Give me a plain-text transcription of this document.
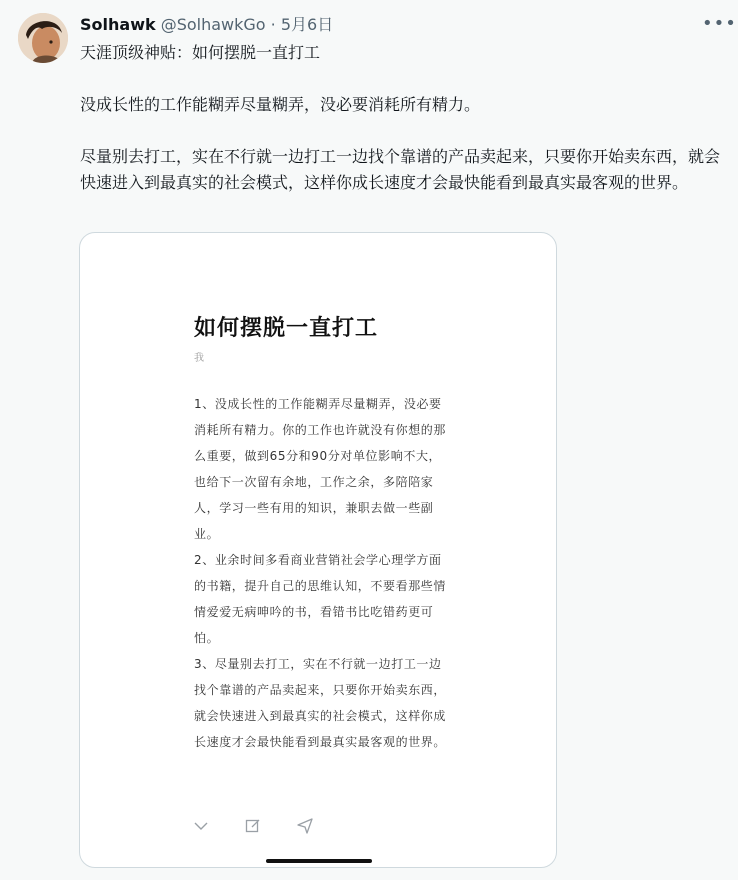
Solhawk @SolhawkGo · 5月6日	•••
天涯顶级神贴：如何摆脱一直打工

没成长性的工作能糊弄尽量糊弄，没必要消耗所有精力。

尽量别去打工，实在不行就一边打工一边找个靠谱的产品卖起来，只要你开始卖东西，就会快速进入到最真实的社会模式，这样你成长速度才会最快能看到最真实最客观的世界。
如何摆脱一直打工
我

1、没成长性的工作能糊弄尽量糊弄，没必要消耗所有精力。你的工作也许就没有你想的那么重要，做到65分和90分对单位影响不大，也给下一次留有余地，工作之余，多陪陪家人，学习一些有用的知识，兼职去做一些副业。

2、业余时间多看商业营销社会学心理学方面的书籍，提升自己的思维认知，不要看那些情情爱爱无病呻吟的书，看错书比吃错药更可怕。

3、尽量别去打工，实在不行就一边打工一边找个靠谱的产品卖起来，只要你开始卖东西，就会快速进入到最真实的社会模式，这样你成长速度才会最快能看到最真实最客观的世界。
